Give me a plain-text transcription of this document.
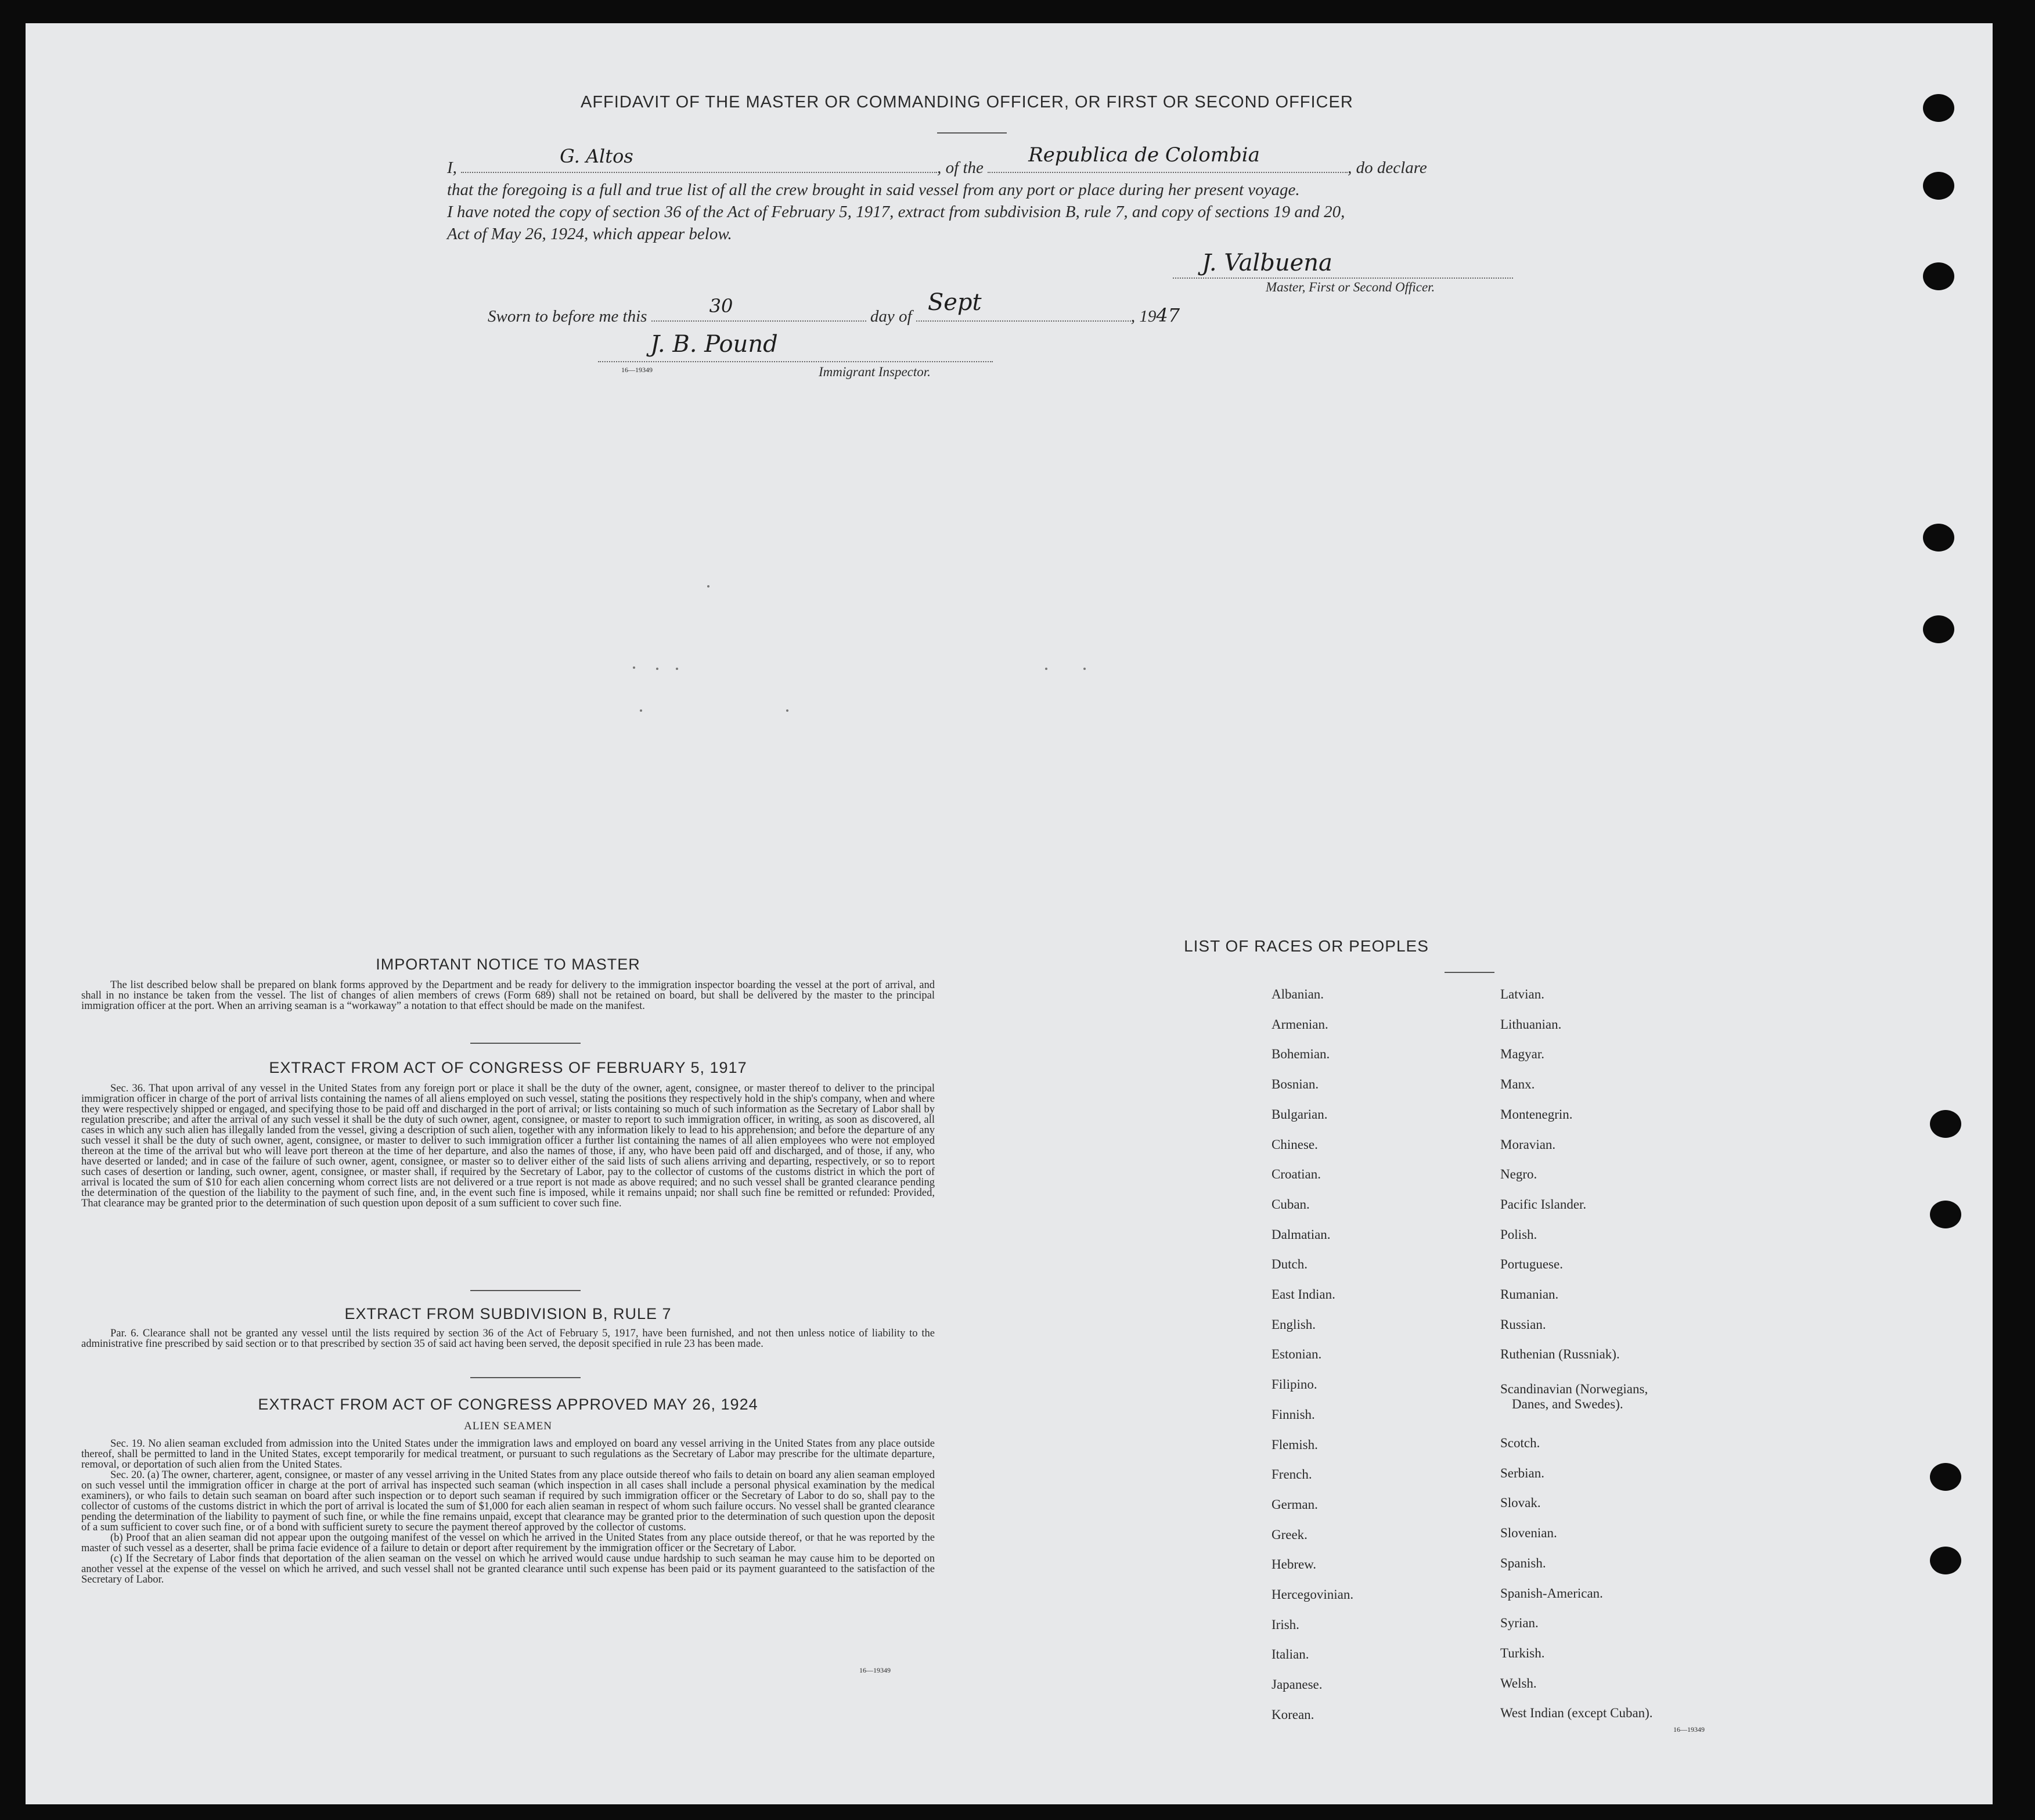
AFFIDAVIT OF THE MASTER OR COMMANDING OFFICER, OR FIRST OR SECOND OFFICER
I,
G. Altos
, of the
Republica de Colombia
, do declare
that the foregoing is a full and true list of all the crew brought in said vessel from any port or place during her present voyage.
I have noted the copy of section 36 of the Act of February 5, 1917, extract from subdivision B, rule 7, and copy of sections 19 and 20,
Act of May 26, 1924, which appear below.
J. Valbuena
Master, First or Second Officer.
Sworn to before me this	30	day of
Sept
, 1947
J. B. Pound
16—19349	Immigrant Inspector.
IMPORTANT NOTICE TO MASTER

The list described below shall be prepared on blank forms approved by the Department and be ready for delivery to the immigration inspector boarding the vessel at the port of arrival, and shall in no instance be taken from the vessel. The list of changes of alien members of crews (Form 689) shall not be retained on board, but shall be delivered by the master to the principal immigration officer at the port. When an arriving seaman is a “workaway” a notation to that effect should be made on the manifest.

EXTRACT FROM ACT OF CONGRESS OF FEBRUARY 5, 1917

Sec. 36. That upon arrival of any vessel in the United States from any foreign port or place it shall be the duty of the owner, agent, consignee, or master thereof to deliver to the principal immigration officer in charge of the port of arrival lists containing the names of all aliens employed on such vessel, stating the positions they respectively hold in the ship's company, when and where they were respectively shipped or engaged, and specifying those to be paid off and discharged in the port of arrival; or lists containing so much of such information as the Secretary of Labor shall by regulation prescribe; and after the arrival of any such vessel it shall be the duty of such owner, agent, consignee, or master to report to such immigration officer, in writing, as soon as discovered, all cases in which any such alien has illegally landed from the vessel, giving a description of such alien, together with any information likely to lead to his apprehension; and before the departure of any such vessel it shall be the duty of such owner, agent, consignee, or master to deliver to such immigration officer a further list containing the names of all alien employees who were not employed thereon at the time of the arrival but who will leave port thereon at the time of her departure, and also the names of those, if any, who have been paid off and discharged, and of those, if any, who have deserted or landed; and in case of the failure of such owner, agent, consignee, or master so to deliver either of the said lists of such aliens arriving and departing, respectively, or so to report such cases of desertion or landing, such owner, agent, consignee, or master shall, if required by the Secretary of Labor, pay to the collector of customs of the customs district in which the port of arrival is located the sum of $10 for each alien concerning whom correct lists are not delivered or a true report is not made as above required; and no such vessel shall be granted clearance pending the determination of the question of the liability to the payment of such fine, and, in the event such fine is imposed, while it remains unpaid; nor shall such fine be remitted or refunded: Provided, That clearance may be granted prior to the determination of such question upon deposit of a sum sufficient to cover such fine.

EXTRACT FROM SUBDIVISION B, RULE 7

Par. 6. Clearance shall not be granted any vessel until the lists required by section 36 of the Act of February 5, 1917, have been furnished, and not then unless notice of liability to the administrative fine prescribed by said section or to that prescribed by section 35 of said act having been served, the deposit specified in rule 23 has been made.

EXTRACT FROM ACT OF CONGRESS APPROVED MAY 26, 1924
ALIEN SEAMEN

Sec. 19. No alien seaman excluded from admission into the United States under the immigration laws and employed on board any vessel arriving in the United States from any place outside thereof, shall be permitted to land in the United States, except temporarily for medical treatment, or pursuant to such regulations as the Secretary of Labor may prescribe for the ultimate departure, removal, or deportation of such alien from the United States.

Sec. 20. (a) The owner, charterer, agent, consignee, or master of any vessel arriving in the United States from any place outside thereof who fails to detain on board any alien seaman employed on such vessel until the immigration officer in charge at the port of arrival has inspected such seaman (which inspection in all cases shall include a personal physical examination by the medical examiners), or who fails to detain such seaman on board after such inspection or to deport such seaman if required by such immigration officer or the Secretary of Labor to do so, shall pay to the collector of customs of the customs district in which the port of arrival is located the sum of $1,000 for each alien seaman in respect of whom such failure occurs. No vessel shall be granted clearance pending the determination of the liability to payment of such fine, or while the fine remains unpaid, except that clearance may be granted prior to the determination of such question upon the deposit of a sum sufficient to cover such fine, or of a bond with sufficient surety to secure the payment thereof approved by the collector of customs.

(b) Proof that an alien seaman did not appear upon the outgoing manifest of the vessel on which he arrived in the United States from any place outside thereof, or that he was reported by the master of such vessel as a deserter, shall be prima facie evidence of a failure to detain or deport after requirement by the immigration officer or the Secretary of Labor.

(c) If the Secretary of Labor finds that deportation of the alien seaman on the vessel on which he arrived would cause undue hardship to such seaman he may cause him to be deported on another vessel at the expense of the vessel on which he arrived, and such vessel shall not be granted clearance until such expense has been paid or its payment guaranteed to the satisfaction of the Secretary of Labor.

16—19349
LIST OF RACES OR PEOPLES
Albanian.
Armenian.
Bohemian.
Bosnian.
Bulgarian.
Chinese.
Croatian.
Cuban.
Dalmatian.
Dutch.
East Indian.
English.
Estonian.
Filipino.
Finnish.
Flemish.
French.
German.
Greek.
Hebrew.
Hercegovinian.
Irish.
Italian.
Japanese.
Korean.
Latvian.
Lithuanian.
Magyar.
Manx.
Montenegrin.
Moravian.
Negro.
Pacific Islander.
Polish.
Portuguese.
Rumanian.
Russian.
Ruthenian (Russniak).
Scandinavian (Norwegians,
Danes, and Swedes).
Scotch.
Serbian.
Slovak.
Slovenian.
Spanish.
Spanish-American.
Syrian.
Turkish.
Welsh.
West Indian (except Cuban).
16—19349
